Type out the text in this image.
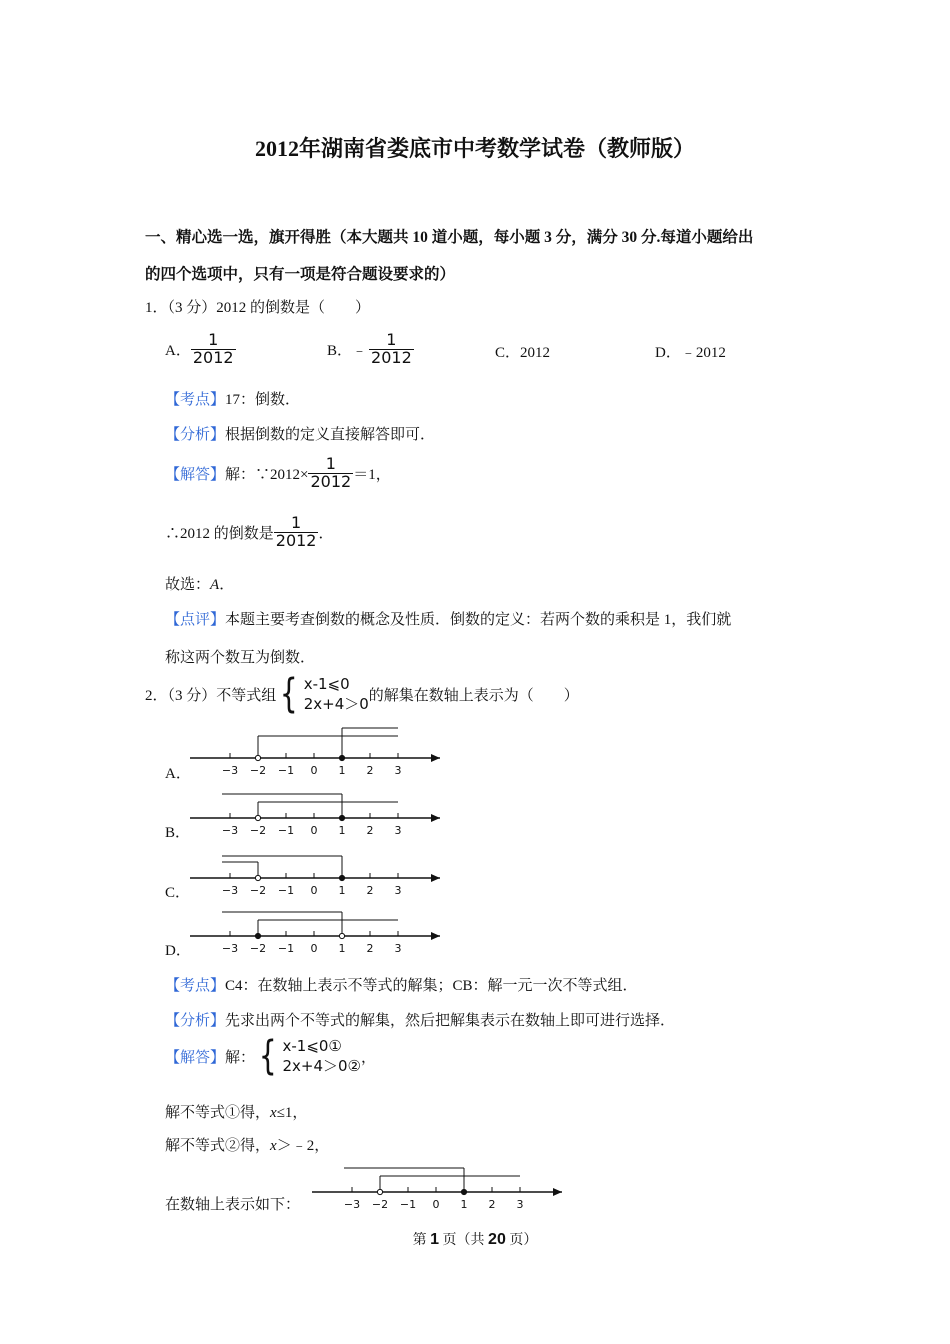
2012年湖南省娄底市中考数学试卷（教师版）
一、精心选一选，旗开得胜（本大题共 10 道小题，每小题 3 分，满分 30 分.每道小题给出
的四个选项中，只有一项是符合题设要求的）
1．（3 分）2012 的倒数是（　　）
A． $\frac{1}{2012}$	B． ﹣ $\frac{1}{2012}$	C．2012	D．﹣2012
【考点】17：倒数．
【分析】根据倒数的定义直接解答即可．
【解答】 解：∵2012× $\frac{1}{2012} =1$，
∴2012 的倒数是 $\frac{1}{2012}$ ．
故选：A．
【点评】本题主要考查倒数的概念及性质．倒数的定义：若两个数的乘积是 1，我们就
称这两个数互为倒数．
2．（3 分）不等式组 { x-1⩽0
2x+4＞0 的解集在数轴上表示为（　　）
A．
B．
C．
D．
−3 −2 −1 0 1 2 3
−3 −2 −1 0 1 2 3
−3 −2 −1 0 1 2 3
−3 −2 −1 0 1 2 3
【考点】C4：在数轴上表示不等式的解集；CB：解一元一次不等式组．
【分析】先求出两个不等式的解集，然后把解集表示在数轴上即可进行选择．
【解答】 解： { x-1⩽0①
2x+4＞0② ，
解不等式①得，x≤1，
解不等式②得，x＞﹣2，
在数轴上表示如下：	−3 −2 −1 0 1 2 3
第 1 页（共 20 页）
